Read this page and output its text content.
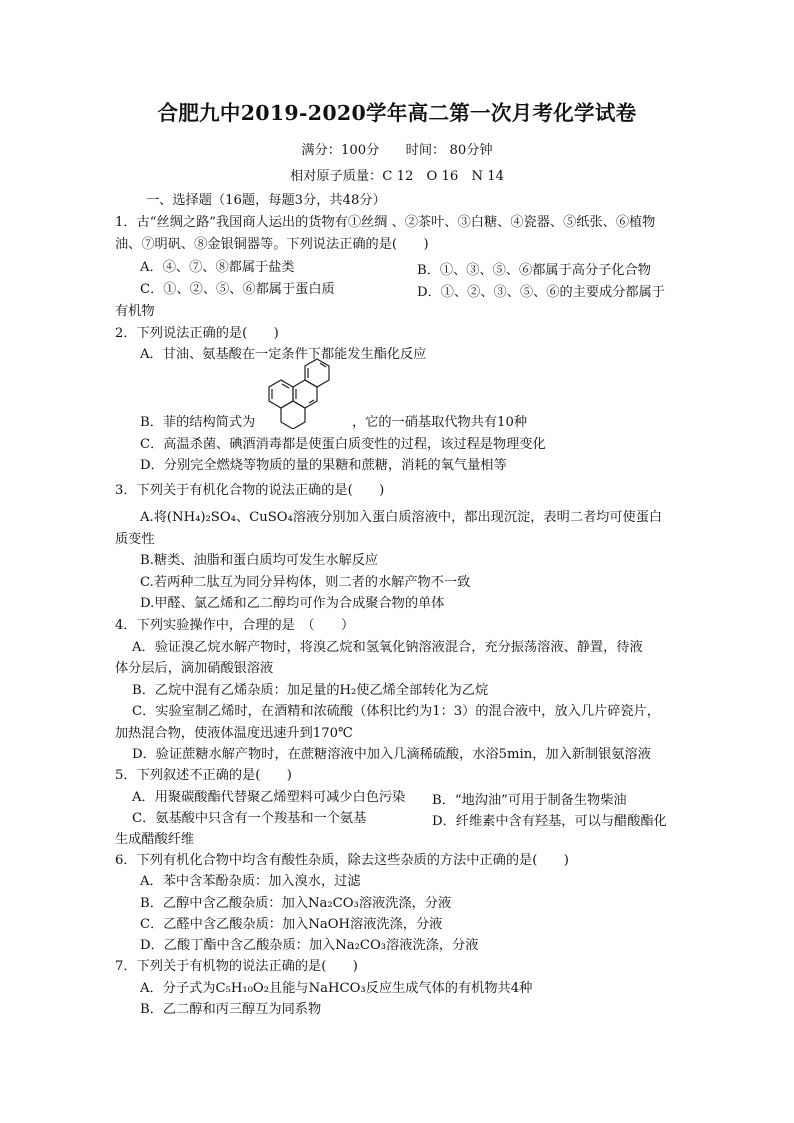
合肥九中2019-2020学年高二第一次月考化学试卷
满分：100分　　时间： 80分钟
相对原子质量：C 12　O 16　N 14
一、选择题（16题，每题3分，共48分）
1．古“丝绸之路”我国商人运出的货物有①丝绸 、②茶叶、③白糖、④瓷器、⑤纸张、⑥植物
油、⑦明矾、⑧金银铜器等。下列说法正确的是(　　)
A．④、⑦、⑧都属于盐类	B．①、③、⑤、⑥都属于高分子化合物
C．①、②、⑤、⑥都属于蛋白质	D．①、②、③、⑤、⑥的主要成分都属于
有机物
2．下列说法正确的是(　　)
A．甘油、氨基酸在一定条件下都能发生酯化反应
B．菲的结构简式为	，它的一硝基取代物共有10种
C．高温杀菌、碘酒消毒都是使蛋白质变性的过程，该过程是物理变化
D．分别完全燃烧等物质的量的果糖和蔗糖，消耗的氧气量相等
3．下列关于有机化合物的说法正确的是(　　)
A.将(NH₄)₂SO₄、CuSO₄溶液分别加入蛋白质溶液中，都出现沉淀，表明二者均可使蛋白
质变性
B.糖类、油脂和蛋白质均可发生水解反应
C.若两种二肽互为同分异构体，则二者的水解产物不一致
D.甲醛、氯乙烯和乙二醇均可作为合成聚合物的单体
4．下列实验操作中，合理的是　（　　）
A．验证溴乙烷水解产物时，将溴乙烷和氢氧化钠溶液混合，充分振荡溶液、静置，待液
体分层后，滴加硝酸银溶液
B．乙烷中混有乙烯杂质：加足量的H₂使乙烯全部转化为乙烷
C．实验室制乙烯时，在酒精和浓硫酸（体积比约为1：3）的混合液中，放入几片碎瓷片，
加热混合物，使液体温度迅速升到170℃
D．验证蔗糖水解产物时，在蔗糖溶液中加入几滴稀硫酸，水浴5min，加入新制银氨溶液
5．下列叙述不正确的是(　　)
A．用聚碳酸酯代替聚乙烯塑料可减少白色污染 B．“地沟油”可用于制备生物柴油
C．氨基酸中只含有一个羧基和一个氨基	D．纤维素中含有羟基，可以与醋酸酯化
生成醋酸纤维
6．下列有机化合物中均含有酸性杂质，除去这些杂质的方法中正确的是(　　)
A．苯中含苯酚杂质：加入溴水，过滤
B．乙醇中含乙酸杂质：加入Na₂CO₃溶液洗涤，分液
C．乙醛中含乙酸杂质：加入NaOH溶液洗涤，分液
D．乙酸丁酯中含乙酸杂质：加入Na₂CO₃溶液洗涤，分液
7．下列关于有机物的说法正确的是(　　)
A．分子式为C₅H₁₀O₂且能与NaHCO₃反应生成气体的有机物共4种
B．乙二醇和丙三醇互为同系物
